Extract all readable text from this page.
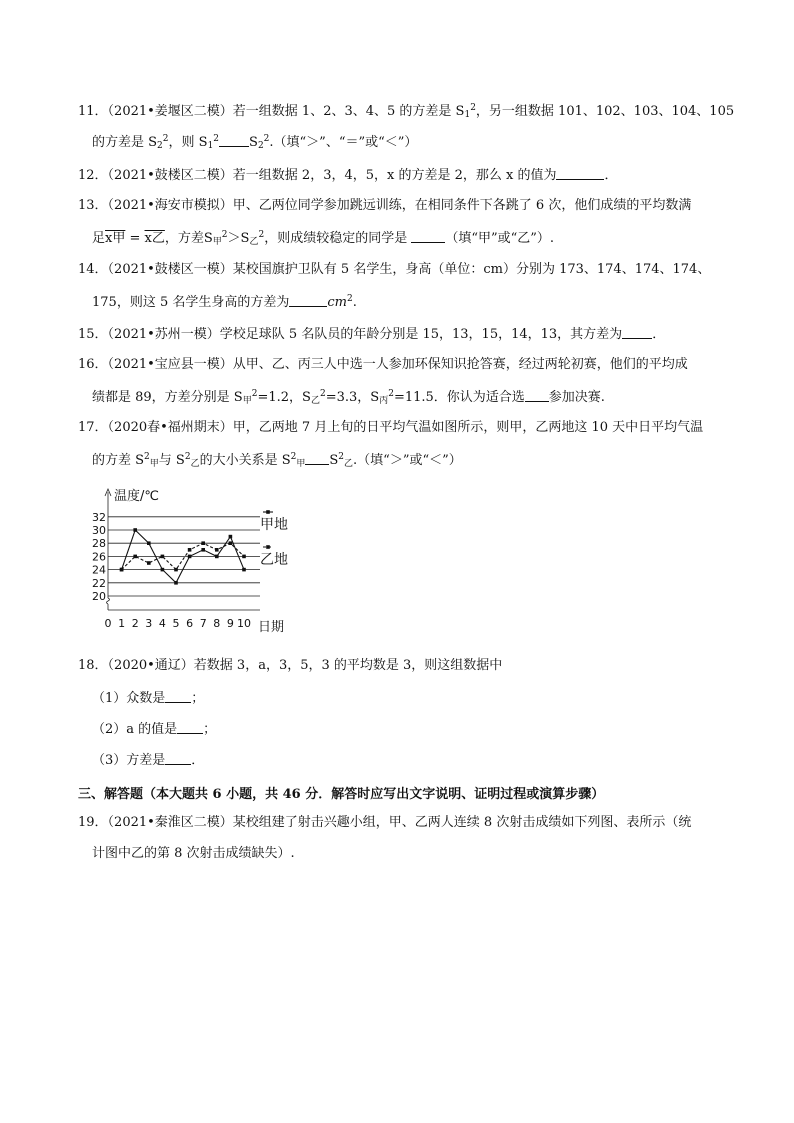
11．（2021•姜堰区二模）若一组数据 1、2、3、4、5 的方差是 $S_1^2$，另一组数据 101、102、103、104、105
的方差是 $S_2^2$，则 $S_1^2$ $S_2^2$.（填“＞”、“＝”或“＜”）
12．（2021•鼓楼区二模）若一组数据 2，3，4，5，x 的方差是 2，那么 x 的值为	．
13．（2021•海安市模拟）甲、乙两位同学参加跳远训练，在相同条件下各跳了 6 次，他们成绩的平均数满
足x甲 = x乙，方差$S_甲^2>S_乙^2$，则成绩较稳定的同学是	（填“甲”或“乙”）.
14．（2021•鼓楼区一模）某校国旗护卫队有 5 名学生，身高（单位：cm）分别为 173、174、174、174、
175，则这 5 名学生身高的方差为	$cm^2$.
15．（2021•苏州一模）学校足球队 5 名队员的年龄分别是 15，13，15，14，13，其方差为 ．
16．（2021•宝应县一模）从甲、乙、丙三人中选一人参加环保知识抢答赛，经过两轮初赛，他们的平均成
绩都是 89，方差分别是 $S_甲^2=1.2$，$S_乙^2=3.3$，$S_丙^2=11.5$．你认为适合选 参加决赛.
17．（2020春•福州期末）甲，乙两地 7 月上旬的日平均气温如图所示，则甲，乙两地这 10 天中日平均气温
的方差 $S^2_甲$与 $S^2_乙$的大小关系是 $S^2_甲$ $S^2_乙$.（填“＞”或“＜”）
0 1 2 3 4 5 6 7 8 9 10
20
22
24
26
28
30
32
温度/℃
日期
甲地
乙地
18．（2020•通辽）若数据 3，a，3，5，3 的平均数是 3，则这组数据中
（1）众数是 ；
（2）a 的值是 ；
（3）方差是 ．
三、解答题（本大题共 6 小题，共 46 分．解答时应写出文字说明、证明过程或演算步骤）
19．（2021•秦淮区二模）某校组建了射击兴趣小组，甲、乙两人连续 8 次射击成绩如下列图、表所示（统
计图中乙的第 8 次射击成绩缺失）.
